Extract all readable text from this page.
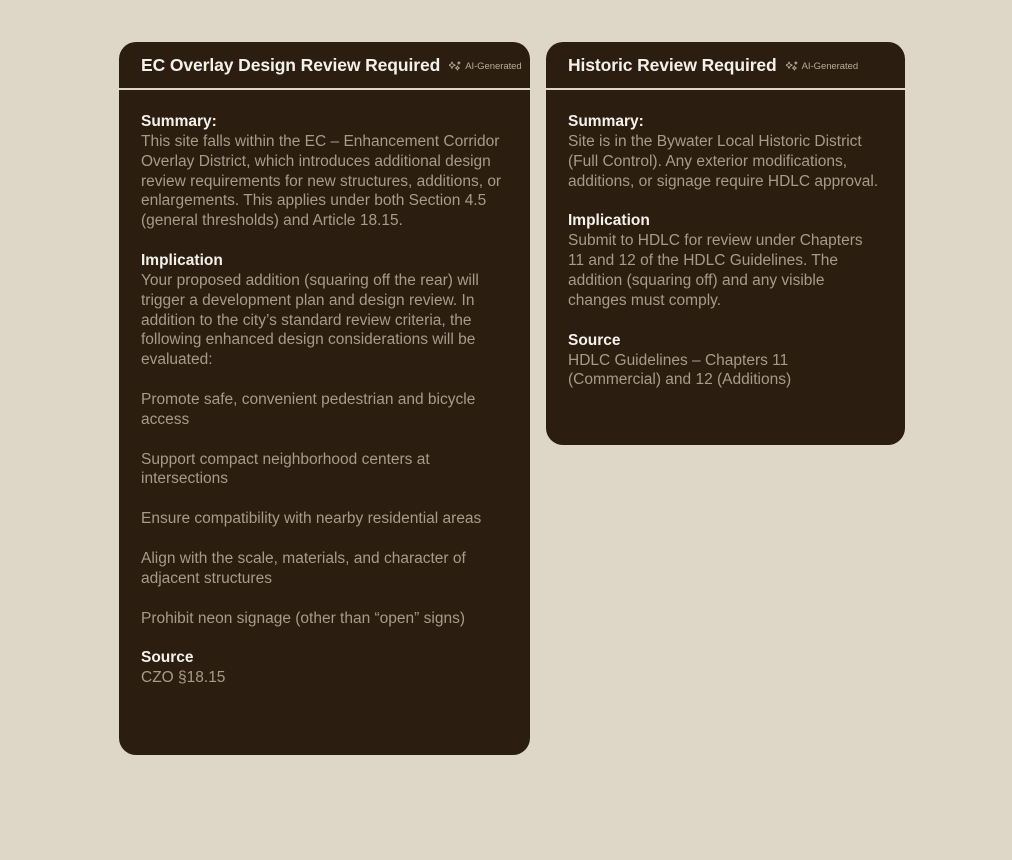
EC Overlay Design Review Required	AI-Generated
Summary:

This site falls within the EC – Enhancement Corridor Overlay District, which introduces additional design review requirements for new structures, additions, or enlargements. This applies under both Section 4.5 (general thresholds) and Article 18.15.

Implication

Your proposed addition (squaring off the rear) will trigger a development plan and design review. In addition to the city’s standard review criteria, the following enhanced design considerations will be evaluated:

Promote safe, convenient pedestrian and bicycle access

Support compact neighborhood centers at intersections

Ensure compatibility with nearby residential areas

Align with the scale, materials, and character of adjacent structures

Prohibit neon signage (other than “open” signs)

Source

CZO §18.15

Historic Review Required	AI-Generated
Summary:

Site is in the Bywater Local Historic District (Full Control). Any exterior modifications, additions, or signage require HDLC approval.

Implication

Submit to HDLC for review under Chapters 11 and 12 of the HDLC Guidelines. The addition (squaring off) and any visible changes must comply.

Source

HDLC Guidelines – Chapters 11 (Commercial) and 12 (Additions)
